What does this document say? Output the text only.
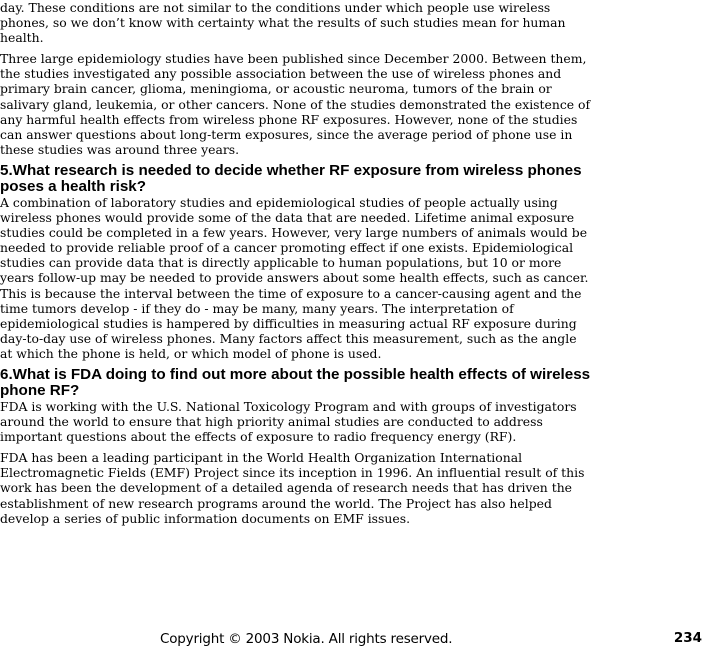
day. These conditions are not similar to the conditions under which people use wireless phones, so we don’t know with certainty what the results of such studies mean for human health.

Three large epidemiology studies have been published since December 2000. Between them, the studies investigated any possible association between the use of wireless phones and primary brain cancer, glioma, meningioma, or acoustic neuroma, tumors of the brain or salivary gland, leukemia, or other cancers. None of the studies demonstrated the existence of any harmful health effects from wireless phone RF exposures. However, none of the studies can answer questions about long-term exposures, since the average period of phone use in these studies was around three years.

5.What research is needed to decide whether RF exposure from wireless phones poses a health risk?

A combination of laboratory studies and epidemiological studies of people actually using wireless phones would provide some of the data that are needed. Lifetime animal exposure studies could be completed in a few years. However, very large numbers of animals would be needed to provide reliable proof of a cancer promoting effect if one exists. Epidemiological studies can provide data that is directly applicable to human populations, but 10 or more years follow-up may be needed to provide answers about some health effects, such as cancer. This is because the interval between the time of exposure to a cancer-causing agent and the time tumors develop - if they do - may be many, many years. The interpretation of epidemiological studies is hampered by difficulties in measuring actual RF exposure during day-to-day use of wireless phones. Many factors affect this measurement, such as the angle at which the phone is held, or which model of phone is used.

6.What is FDA doing to find out more about the possible health effects of wireless phone RF?

FDA is working with the U.S. National Toxicology Program and with groups of investigators around the world to ensure that high priority animal studies are conducted to address important questions about the effects of exposure to radio frequency energy (RF).

FDA has been a leading participant in the World Health Organization International Electromagnetic Fields (EMF) Project since its inception in 1996. An influential result of this work has been the development of a detailed agenda of research needs that has driven the establishment of new research programs around the world. The Project has also helped develop a series of public information documents on EMF issues.

Copyright © 2003 Nokia. All rights reserved.	234
